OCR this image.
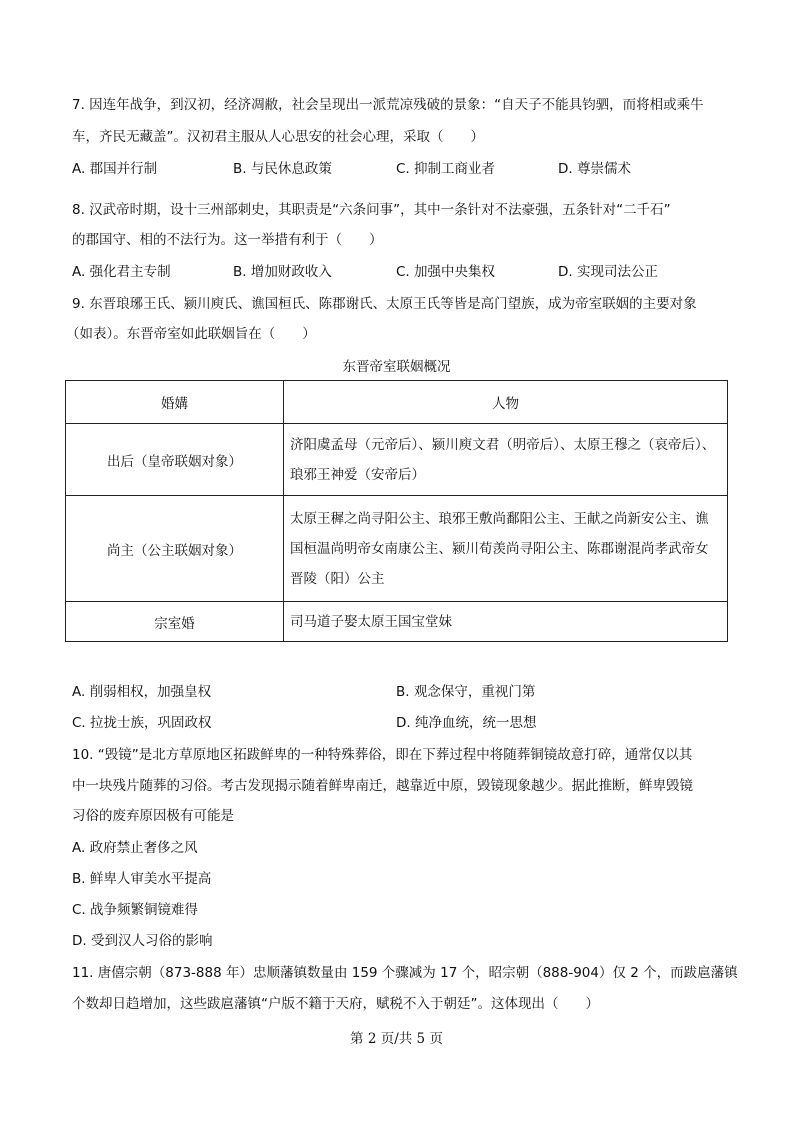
7. 因连年战争，到汉初，经济凋敝，社会呈现出一派荒凉残破的景象：“自天子不能具钧驷，而将相或乘牛
车，齐民无藏盖”。汉初君主服从人心思安的社会心理，采取（　　）
A. 郡国并行制	B. 与民休息政策	C. 抑制工商业者	D. 尊崇儒术
8. 汉武帝时期，设十三州部刺史，其职责是“六条问事”，其中一条针对不法豪强，五条针对“二千石”
的郡国守、相的不法行为。这一举措有利于（　　）
A. 强化君主专制	B. 增加财政收入	C. 加强中央集权	D. 实现司法公正
9. 东晋琅琊王氏、颍川庾氏、谯国桓氏、陈郡谢氏、太原王氏等皆是高门望族，成为帝室联姻的主要对象
（如表）。东晋帝室如此联姻旨在（　　）
东晋帝室联姻概况
婚媾	人物
出后（皇帝联姻对象）	济阳虞孟母（元帝后）、颍川庾文君（明帝后）、太原王穆之（哀帝后）、琅邪王神爱（安帝后）
尚主（公主联姻对象）	太原王穉之尚寻阳公主、琅邪王敷尚鄱阳公主、王献之尚新安公主、谯国桓温尚明帝女南康公主、颍川荀羡尚寻阳公主、陈郡谢混尚孝武帝女晋陵（阳）公主
宗室婚	司马道子娶太原王国宝堂妹
A. 削弱相权，加强皇权	B. 观念保守，重视门第
C. 拉拢士族，巩固政权	D. 纯净血统，统一思想
10. “毁镜”是北方草原地区拓跋鲜卑的一种特殊葬俗，即在下葬过程中将随葬铜镜故意打碎，通常仅以其
中一块残片随葬的习俗。考古发现揭示随着鲜卑南迁，越靠近中原，毁镜现象越少。据此推断，鲜卑毁镜
习俗的废弃原因极有可能是
A. 政府禁止奢侈之风
B. 鲜卑人审美水平提高
C. 战争频繁铜镜难得
D. 受到汉人习俗的影响
11. 唐僖宗朝（873-888 年）忠顺藩镇数量由 159 个骤减为 17 个，昭宗朝（888-904）仅 2 个，而跋扈藩镇
个数却日趋增加，这些跋扈藩镇“户版不籍于天府，赋税不入于朝廷”。这体现出（　　）
第 2 页/共 5 页
